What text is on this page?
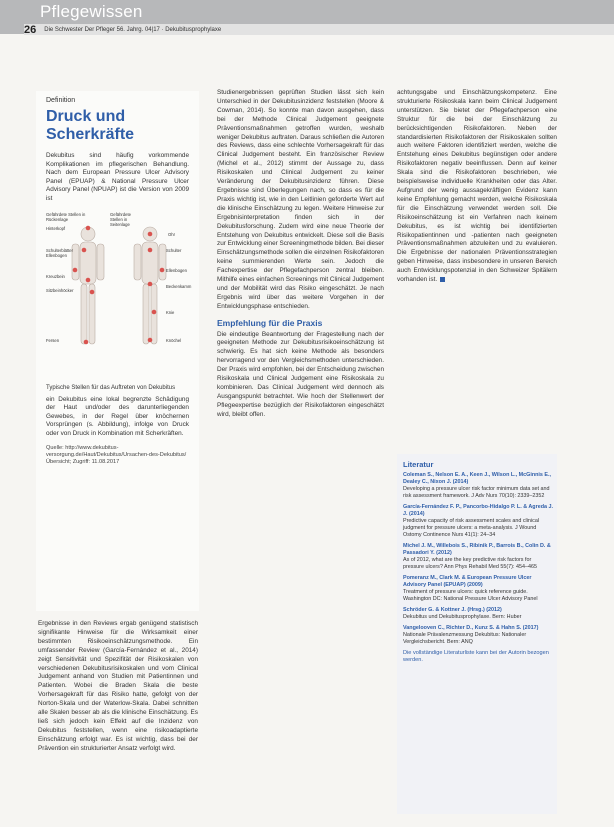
Pflegewissen
26 Die Schwester Der Pfleger 56. Jahrg. 04|17 · Dekubitusprophylaxe
Definition
Druck und
Scherkräfte
Dekubitus sind häufig vorkommende Komplikationen im pflegerischen Behandlung. Nach dem European Pressure Ulcer Advisory Panel (EPUAP) & National Pressure Ulcer Advisory Panel (NPUAP) ist die Version von 2009 ist
Gefährdete Stellen in Rückenlage
Hinterkopf
Schulterblätter Ellenbogen
Kreuzbein
Sitzbeinhöcker
Fersen
Gefährdete Stellen in Seitenlage
Ohr
Schulter
Ellenbogen
Beckenkamm
Knie
Knöchel
Typische Stellen für das Auftreten von Dekubitus
ein Dekubitus eine lokal begrenzte Schädigung der Haut und/oder des darunterliegenden Gewebes, in der Regel über knöchernen Vorsprüngen (s. Abbildung), infolge von Druck oder von Druck in Kombination mit Scherkräften.
Quelle: http://www.dekubitus-versorgung.de/Haut/Dekubitus/Ursachen-des-Dekubitus/Übersicht; Zugriff: 11.08.2017

Ergebnisse in den Reviews ergab genügend statistisch signifikante Hinweise für die Wirksamkeit einer bestimmten Risikoeinschätzungsmethode. Ein umfassender Review (García-Fernández et al., 2014) zeigt Sensitivität und Spezifität der Risikoskalen von verschiedenen Dekubitusrisikoskalen und vom Clinical Judgement anhand von Studien mit Patientinnen und Patienten. Wobei die Braden Skala die beste Vorhersagekraft für das Risiko hatte, gefolgt von der Norton-Skala und der Waterlow-Skala. Dabei schnitten alle Skalen besser ab als die klinische Einschätzung. Es ließ sich jedoch kein Effekt auf die Inzidenz von Dekubitus feststellen, wenn eine risikoadaptierte Einschätzung erfolgt war. Es ist wichtig, dass bei der Prävention ein strukturierter Ansatz verfolgt wird.

Studienergebnissen geprüften Studien lässt sich kein Unterschied in der Dekubitusinzidenz feststellen (Moore & Cowman, 2014). So konnte man davon ausgehen, dass bei der Methode Clinical Judgement geeignete Präventionsmaßnahmen getroffen wurden, weshalb weniger Dekubitus auftraten. Daraus schließen die Autoren des Reviews, dass eine schlechte Vorhersagekraft für das Clinical Judgement besteht. Ein französischer Review (Michel et al., 2012) stimmt der Aussage zu, dass Risikoskalen und Clinical Judgement zu keiner Veränderung der Dekubitusinzidenz führen. Diese Ergebnisse sind Überlegungen nach, so dass es für die Praxis wichtig ist, wie in den Leitlinien geforderte Wert auf die klinische Einschätzung zu legen. Weitere Hinweise zur Ergebnisinterpretation finden sich in der Dekubitusforschung. Zudem wird eine neue Theorie der Entstehung von Dekubitus entwickelt. Diese soll die Basis zur Entwicklung einer Screeningmethode bilden. Bei dieser Einschätzungsmethode sollen die einzelnen Risikofaktoren keine summierenden Werte sein. Jedoch die Fachexpertise der Pflegefachperson zentral bleiben. Mithilfe eines einfachen Screenings mit Clinical Judgement und der Mobilität wird das Risiko eingeschätzt. Je nach Ergebnis wird über das weitere Vorgehen in der Entwicklungsphase entschieden.

Empfehlung für die Praxis

Die eindeutige Beantwortung der Fragestellung nach der geeigneten Methode zur Dekubitusrisikoeinschätzung ist schwierig. Es hat sich keine Methode als besonders hervorragend vor den Vergleichsmethoden unterschieden. Der Praxis wird empfohlen, bei der Entscheidung zwischen Risikoskala und Clinical Judgement eine Risikoskala zu kombinieren. Das Clinical Judgement wird dennoch als Ausgangspunkt betrachtet. Wie hoch der Stellenwert der Pflegeexpertise bezüglich der Risikofaktoren eingeschätzt wird, bleibt offen.

achtungsgabe und Einschätzungskompetenz. Eine strukturierte Risikoskala kann beim Clinical Judgement unterstützen. Sie bietet der Pflegefachperson eine Struktur für die bei der Einschätzung zu berücksichtigenden Risikofaktoren. Neben der standardisierten Risikofaktoren der Risikoskalen sollten auch weitere Faktoren identifiziert werden, welche die Entstehung eines Dekubitus begünstigen oder andere Risikofaktoren negativ beeinflussen. Denn auf keiner Skala sind die Risikofaktoren beschrieben, wie beispielsweise individuelle Krankheiten oder das Alter. Aufgrund der wenig aussagekräftigen Evidenz kann keine Empfehlung gemacht werden, welche Risikoskala für die Einschätzung verwendet werden soll. Die Risikoeinschätzung ist ein Verfahren nach keinem Dekubitus, es ist wichtig bei identifizierten Risikopatientinnen und -patienten nach geeigneten Präventionsmaßnahmen abzuleiten und zu evaluieren. Die Ergebnisse der nationalen Präventionsstrategien geben Hinweise, dass insbesondere in unseren Bereich auch Entwicklungspotenzial in den Schweizer Spitälern vorhanden ist.

Literatur
Coleman S., Nelson E. A., Keen J., Wilson L., McGinnis E., Dealey C., Nixon J. (2014)
Developing a pressure ulcer risk factor minimum data set and risk assessment framework. J Adv Nurs 70(10): 2339–2352
García-Fernández F. P., Pancorbo-Hidalgo P. L. & Agreda J. J. (2014)
Predictive capacity of risk assessment scales and clinical judgment for pressure ulcers: a meta-analysis. J Wound Ostomy Continence Nurs 41(1): 24–34
Michel J. M., Willebois S., Ribinik P., Barrois B., Colin D. & Passadori Y. (2012)
As of 2012, what are the key predictive risk factors for pressure ulcers? Ann Phys Rehabil Med 55(7): 454–465
Pomeranz M., Clark M. & European Pressure Ulcer Advisory Panel (EPUAP) (2009)
Treatment of pressure ulcers: quick reference guide. Washington DC: National Pressure Ulcer Advisory Panel
Schröder G. & Kottner J. (Hrsg.) (2012)
Dekubitus und Dekubitusprophylaxe. Bern: Huber
Vangelooven C., Richter D., Kunz S. & Hahn S. (2017)
Nationale Prävalenzmessung Dekubitus: Nationaler Vergleichsbericht. Bern: ANQ
Die vollständige Literaturliste kann bei der Autorin bezogen werden.
